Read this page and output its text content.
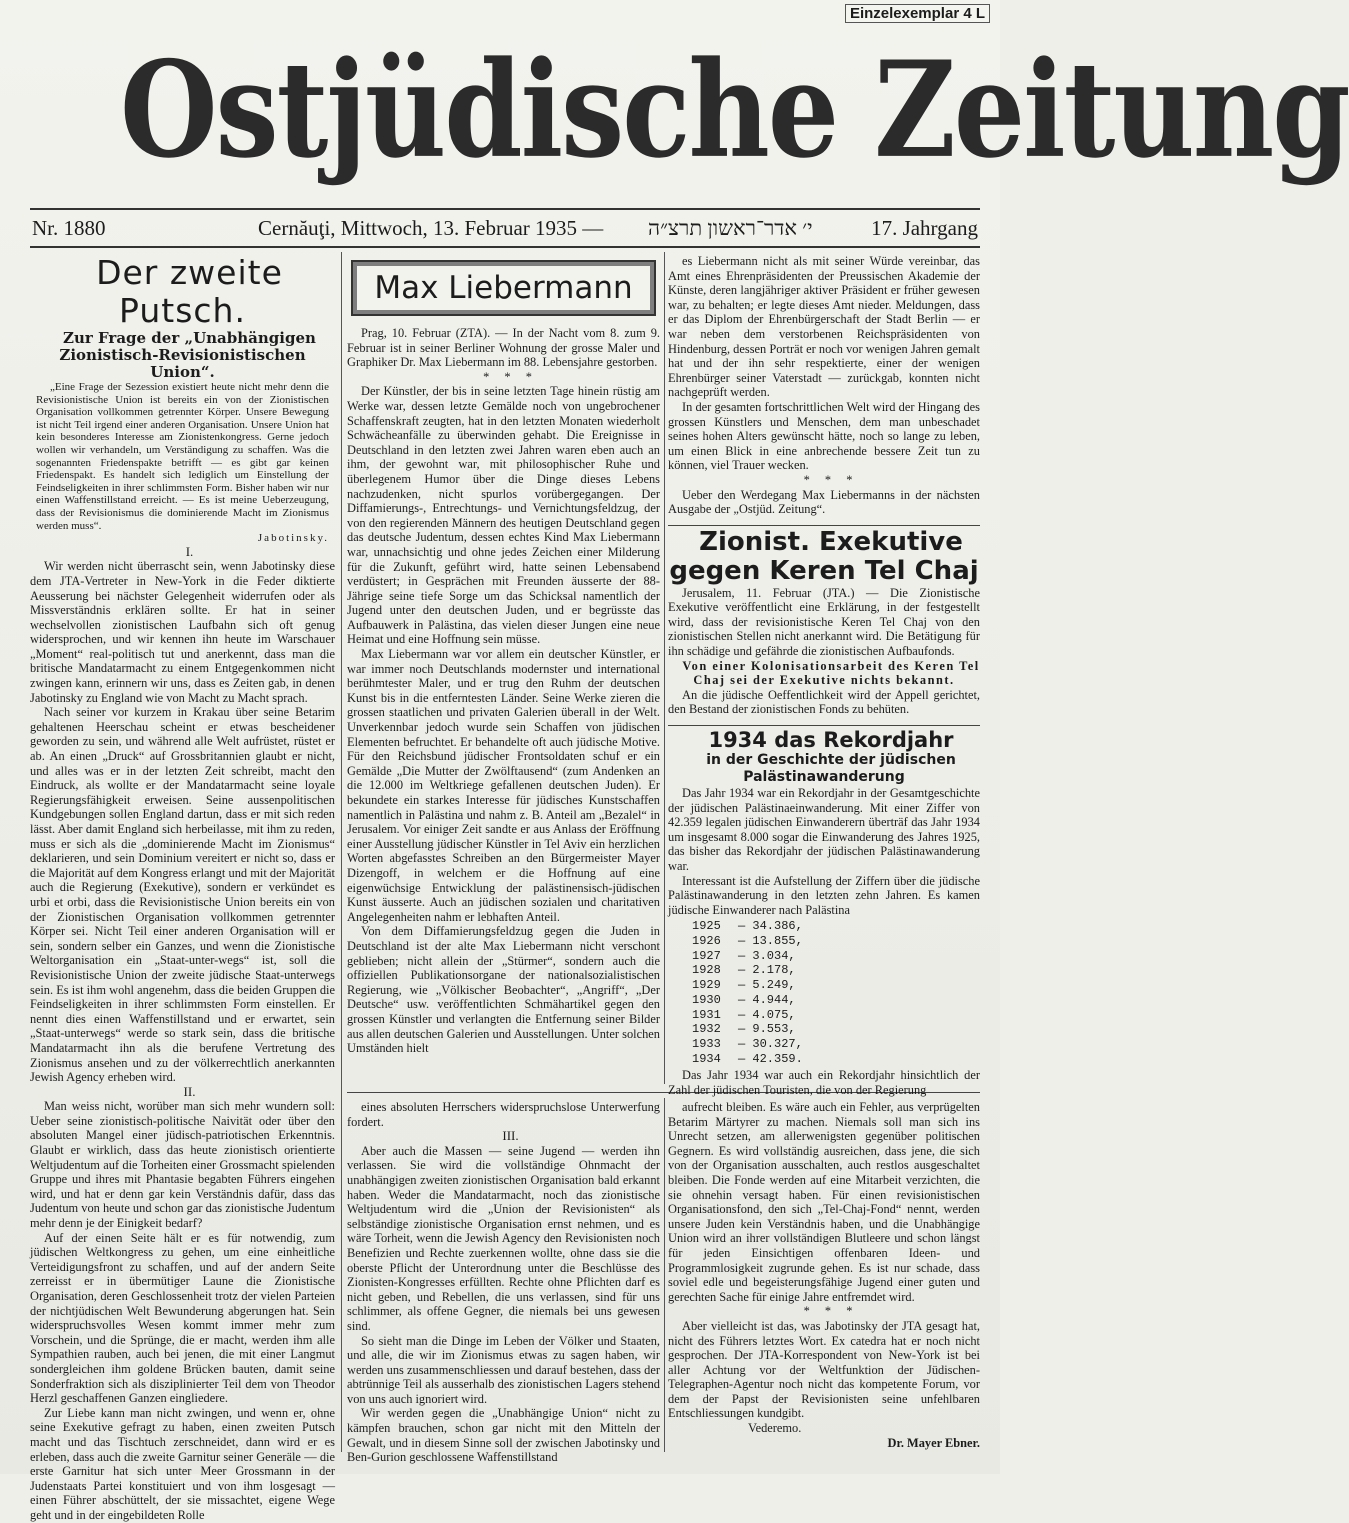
Einzelexemplar 4 L
Ostjüdische Zeitung
Nr. 1880	Cernăuţi, Mittwoch, 13. Februar 1935 — י׳ אדר־ראשון תרצ״ה	17. Jahrgang

Der zweite Putsch.

Zur Frage der „Unabhängigen Zionistisch-Revisionistischen Union“.

„Eine Frage der Sezession existiert heute nicht mehr denn die Revisionistische Union ist bereits ein von der Zionistischen Organisation vollkommen getrennter Körper. Unsere Bewegung ist nicht Teil irgend einer anderen Organisation. Unsere Union hat kein besonderes Interesse am Zionistenkongress. Gerne jedoch wollen wir verhandeln, um Verständigung zu schaffen. Was die sogenannten Friedenspakte betrifft — es gibt gar keinen Friedenspakt. Es handelt sich lediglich um Einstellung der Feindseligkeiten in ihrer schlimmsten Form. Bisher haben wir nur einen Waffenstillstand erreicht. — Es ist meine Ueberzeugung, dass der Revisionismus die dominierende Macht im Zionismus werden muss“.

Jabotinsky.

I.

Wir werden nicht überrascht sein, wenn Jabotinsky diese dem JTA-Vertreter in New-York in die Feder diktierte Aeusserung bei nächster Gelegenheit widerrufen oder als Missverständnis erklären sollte. Er hat in seiner wechselvollen zionistischen Laufbahn sich oft genug widersprochen, und wir kennen ihn heute im Warschauer „Moment“ real-politisch tut und anerkennt, dass man die britische Mandatarmacht zu einem Entgegenkommen nicht zwingen kann, erinnern wir uns, dass es Zeiten gab, in denen Jabotinsky zu England wie von Macht zu Macht sprach.

Nach seiner vor kurzem in Krakau über seine Betarim gehaltenen Heerschau scheint er etwas bescheidener geworden zu sein, und während alle Welt aufrüstet, rüstet er ab. An einen „Druck“ auf Grossbritannien glaubt er nicht, und alles was er in der letzten Zeit schreibt, macht den Eindruck, als wollte er der Mandatarmacht seine loyale Regierungsfähigkeit erweisen. Seine aussenpolitischen Kundgebungen sollen England dartun, dass er mit sich reden lässt. Aber damit England sich herbeilasse, mit ihm zu reden, muss er sich als die „dominierende Macht im Zionismus“ deklarieren, und sein Dominium vereitert er nicht so, dass er die Majorität auf dem Kongress erlangt und mit der Majorität auch die Regierung (Exekutive), sondern er verkündet es urbi et orbi, dass die Revisionistische Union bereits ein von der Zionistischen Organisation vollkommen getrennter Körper sei. Nicht Teil einer anderen Organisation will er sein, sondern selber ein Ganzes, und wenn die Zionistische Weltorganisation ein „Staat-unter-wegs“ ist, soll die Revisionistische Union der zweite jüdische Staat-unterwegs sein. Es ist ihm wohl angenehm, dass die beiden Gruppen die Feindseligkeiten in ihrer schlimmsten Form einstellen. Er nennt dies einen Waffenstillstand und er erwartet, sein „Staat-unterwegs“ werde so stark sein, dass die britische Mandatarmacht ihn als die berufene Vertretung des Zionismus ansehen und zu der völkerrechtlich anerkannten Jewish Agency erheben wird.

II.

Man weiss nicht, worüber man sich mehr wundern soll: Ueber seine zionistisch-politische Naivität oder über den absoluten Mangel einer jüdisch-patriotischen Erkenntnis. Glaubt er wirklich, dass das heute zionistisch orientierte Weltjudentum auf die Torheiten einer Grossmacht spielenden Gruppe und ihres mit Phantasie begabten Führers eingehen wird, und hat er denn gar kein Verständnis dafür, dass das Judentum von heute und schon gar das zionistische Judentum mehr denn je der Einigkeit bedarf?

Auf der einen Seite hält er es für notwendig, zum jüdischen Weltkongress zu gehen, um eine einheitliche Verteidigungsfront zu schaffen, und auf der andern Seite zerreisst er in übermütiger Laune die Zionistische Organisation, deren Geschlossenheit trotz der vielen Parteien der nichtjüdischen Welt Bewunderung abgerungen hat. Sein widerspruchsvolles Wesen kommt immer mehr zum Vorschein, und die Sprünge, die er macht, werden ihm alle Sympathien rauben, auch bei jenen, die mit einer Langmut sondergleichen ihm goldene Brücken bauten, damit seine Sonderfraktion sich als disziplinierter Teil dem von Theodor Herzl geschaffenen Ganzen eingliedere.

Zur Liebe kann man nicht zwingen, und wenn er, ohne seine Exekutive gefragt zu haben, einen zweiten Putsch macht und das Tischtuch zerschneidet, dann wird er es erleben, dass auch die zweite Garnitur seiner Generäle — die erste Garnitur hat sich unter Meer Grossmann in der Judenstaats Partei konstituiert und von ihm losgesagt — einen Führer abschüttelt, der sie missachtet, eigene Wege geht und in der eingebildeten Rolle

Max Liebermann

Prag, 10. Februar (ZTA). — In der Nacht vom 8. zum 9. Februar ist in seiner Berliner Wohnung der grosse Maler und Graphiker Dr. Max Liebermann im 88. Lebensjahre gestorben.

* * *

Der Künstler, der bis in seine letzten Tage hinein rüstig am Werke war, dessen letzte Gemälde noch von ungebrochener Schaffenskraft zeugten, hat in den letzten Monaten wiederholt Schwächeanfälle zu überwinden gehabt. Die Ereignisse in Deutschland in den letzten zwei Jahren waren eben auch an ihm, der gewohnt war, mit philosophischer Ruhe und überlegenem Humor über die Dinge dieses Lebens nachzudenken, nicht spurlos vorübergegangen. Der Diffamierungs-, Entrechtungs- und Vernichtungsfeldzug, der von den regierenden Männern des heutigen Deutschland gegen das deutsche Judentum, dessen echtes Kind Max Liebermann war, unnachsichtig und ohne jedes Zeichen einer Milderung für die Zukunft, geführt wird, hatte seinen Lebensabend verdüstert; in Gesprächen mit Freunden äusserte der 88-Jährige seine tiefe Sorge um das Schicksal namentlich der Jugend unter den deutschen Juden, und er begrüsste das Aufbauwerk in Palästina, das vielen dieser Jungen eine neue Heimat und eine Hoffnung sein müsse.

Max Liebermann war vor allem ein deutscher Künstler, er war immer noch Deutschlands modernster und international berühmtester Maler, und er trug den Ruhm der deutschen Kunst bis in die entferntesten Länder. Seine Werke zieren die grossen staatlichen und privaten Galerien überall in der Welt. Unverkennbar jedoch wurde sein Schaffen von jüdischen Elementen befruchtet. Er behandelte oft auch jüdische Motive. Für den Reichsbund jüdischer Frontsoldaten schuf er ein Gemälde „Die Mutter der Zwölftausend“ (zum Andenken an die 12.000 im Weltkriege gefallenen deutschen Juden). Er bekundete ein starkes Interesse für jüdisches Kunstschaffen namentlich in Palästina und nahm z. B. Anteil am „Bezalel“ in Jerusalem. Vor einiger Zeit sandte er aus Anlass der Eröffnung einer Ausstellung jüdischer Künstler in Tel Aviv ein herzlichen Worten abgefasstes Schreiben an den Bürgermeister Mayer Dizengoff, in welchem er die Hoffnung auf eine eigenwüchsige Entwicklung der palästinensisch-jüdischen Kunst äusserte. Auch an jüdischen sozialen und charitativen Angelegenheiten nahm er lebhaften Anteil.

Von dem Diffamierungsfeldzug gegen die Juden in Deutschland ist der alte Max Liebermann nicht verschont geblieben; nicht allein der „Stürmer“, sondern auch die offiziellen Publikationsorgane der nationalsozialistischen Regierung, wie „Völkischer Beobachter“, „Angriff“, „Der Deutsche“ usw. veröffentlichten Schmähartikel gegen den grossen Künstler und verlangten die Entfernung seiner Bilder aus allen deutschen Galerien und Ausstellungen. Unter solchen Umständen hielt

es Liebermann nicht als mit seiner Würde vereinbar, das Amt eines Ehrenpräsidenten der Preussischen Akademie der Künste, deren langjähriger aktiver Präsident er früher gewesen war, zu behalten; er legte dieses Amt nieder. Meldungen, dass er das Diplom der Ehrenbürgerschaft der Stadt Berlin — er war neben dem verstorbenen Reichspräsidenten von Hindenburg, dessen Porträt er noch vor wenigen Jahren gemalt hat und der ihn sehr respektierte, einer der wenigen Ehrenbürger seiner Vaterstadt — zurückgab, konnten nicht nachgeprüft werden.

In der gesamten fortschrittlichen Welt wird der Hingang des grossen Künstlers und Menschen, dem man unbeschadet seines hohen Alters gewünscht hätte, noch so lange zu leben, um einen Blick in eine anbrechende bessere Zeit tun zu können, viel Trauer wecken.

* * *

Ueber den Werdegang Max Liebermanns in der nächsten Ausgabe der „Ostjüd. Zeitung“.

Zionist. Exekutive gegen Keren Tel Chaj

Jerusalem, 11. Februar (JTA.) — Die Zionistische Exekutive veröffentlicht eine Erklärung, in der festgestellt wird, dass der revisionistische Keren Tel Chaj von den zionistischen Stellen nicht anerkannt wird. Die Betätigung für ihn schädige und gefährde die zionistischen Aufbaufonds.

Von einer Kolonisationsarbeit des Keren Tel Chaj sei der Exekutive nichts bekannt.

An die jüdische Oeffentlichkeit wird der Appell gerichtet, den Bestand der zionistischen Fonds zu behüten.

1934 das Rekordjahr

in der Geschichte der jüdischen Palästinawanderung

Das Jahr 1934 war ein Rekordjahr in der Gesamtgeschichte der jüdischen Palästinaeinwanderung. Mit einer Ziffer von 42.359 legalen jüdischen Einwanderern überträf das Jahr 1934 um insgesamt 8.000 sogar die Einwanderung des Jahres 1925, das bisher das Rekordjahr der jüdischen Palästinawanderung war.

Interessant ist die Aufstellung der Ziffern über die jüdische Palästinawanderung in den letzten zehn Jahren. Es kamen jüdische Einwanderer nach Palästina

1925 — 34.386,
1926 — 13.855,
1927 — 3.034,
1928 — 2.178,
1929 — 5.249,
1930 — 4.944,
1931 — 4.075,
1932 — 9.553,
1933 — 30.327,
1934 — 42.359.

Das Jahr 1934 war auch ein Rekordjahr hinsichtlich der Zahl der jüdischen Touristen, die von der Regierung

eines absoluten Herrschers widerspruchslose Unterwerfung fordert.

III.

Aber auch die Massen — seine Jugend — werden ihn verlassen. Sie wird die vollständige Ohnmacht der unabhängigen zweiten zionistischen Organisation bald erkannt haben. Weder die Mandatarmacht, noch das zionistische Weltjudentum wird die „Union der Revisionisten“ als selbständige zionistische Organisation ernst nehmen, und es wäre Torheit, wenn die Jewish Agency den Revisionisten noch Benefizien und Rechte zuerkennen wollte, ohne dass sie die oberste Pflicht der Unterordnung unter die Beschlüsse des Zionisten-Kongresses erfüllten. Rechte ohne Pflichten darf es nicht geben, und Rebellen, die uns verlassen, sind für uns schlimmer, als offene Gegner, die niemals bei uns gewesen sind.

So sieht man die Dinge im Leben der Völker und Staaten, und alle, die wir im Zionismus etwas zu sagen haben, wir werden uns zusammenschliessen und darauf bestehen, dass der abtrünnige Teil als ausserhalb des zionistischen Lagers stehend von uns auch ignoriert wird.

Wir werden gegen die „Unabhängige Union“ nicht zu kämpfen brauchen, schon gar nicht mit den Mitteln der Gewalt, und in diesem Sinne soll der zwischen Jabotinsky und Ben-Gurion geschlossene Waffenstillstand

aufrecht bleiben. Es wäre auch ein Fehler, aus verprügelten Betarim Märtyrer zu machen. Niemals soll man sich ins Unrecht setzen, am allerwenigsten gegenüber politischen Gegnern. Es wird vollständig ausreichen, dass jene, die sich von der Organisation ausschalten, auch restlos ausgeschaltet bleiben. Die Fonde werden auf eine Mitarbeit verzichten, die sie ohnehin versagt haben. Für einen revisionistischen Organisationsfond, den sich „Tel-Chaj-Fond“ nennt, werden unsere Juden kein Verständnis haben, und die Unabhängige Union wird an ihrer vollständigen Blutleere und schon längst für jeden Einsichtigen offenbaren Ideen- und Programmlosigkeit zugrunde gehen. Es ist nur schade, dass soviel edle und begeisterungsfähige Jugend einer guten und gerechten Sache für einige Jahre entfremdet wird.

* * *

Aber vielleicht ist das, was Jabotinsky der JTA gesagt hat, nicht des Führers letztes Wort. Ex catedra hat er noch nicht gesprochen. Der JTA-Korrespondent von New-York ist bei aller Achtung vor der Weltfunktion der Jüdischen-Telegraphen-Agentur noch nicht das kompetente Forum, vor dem der Papst der Revisionisten seine unfehlbaren Entschliessungen kundgibt.

Vederemo.

Dr. Mayer Ebner.
